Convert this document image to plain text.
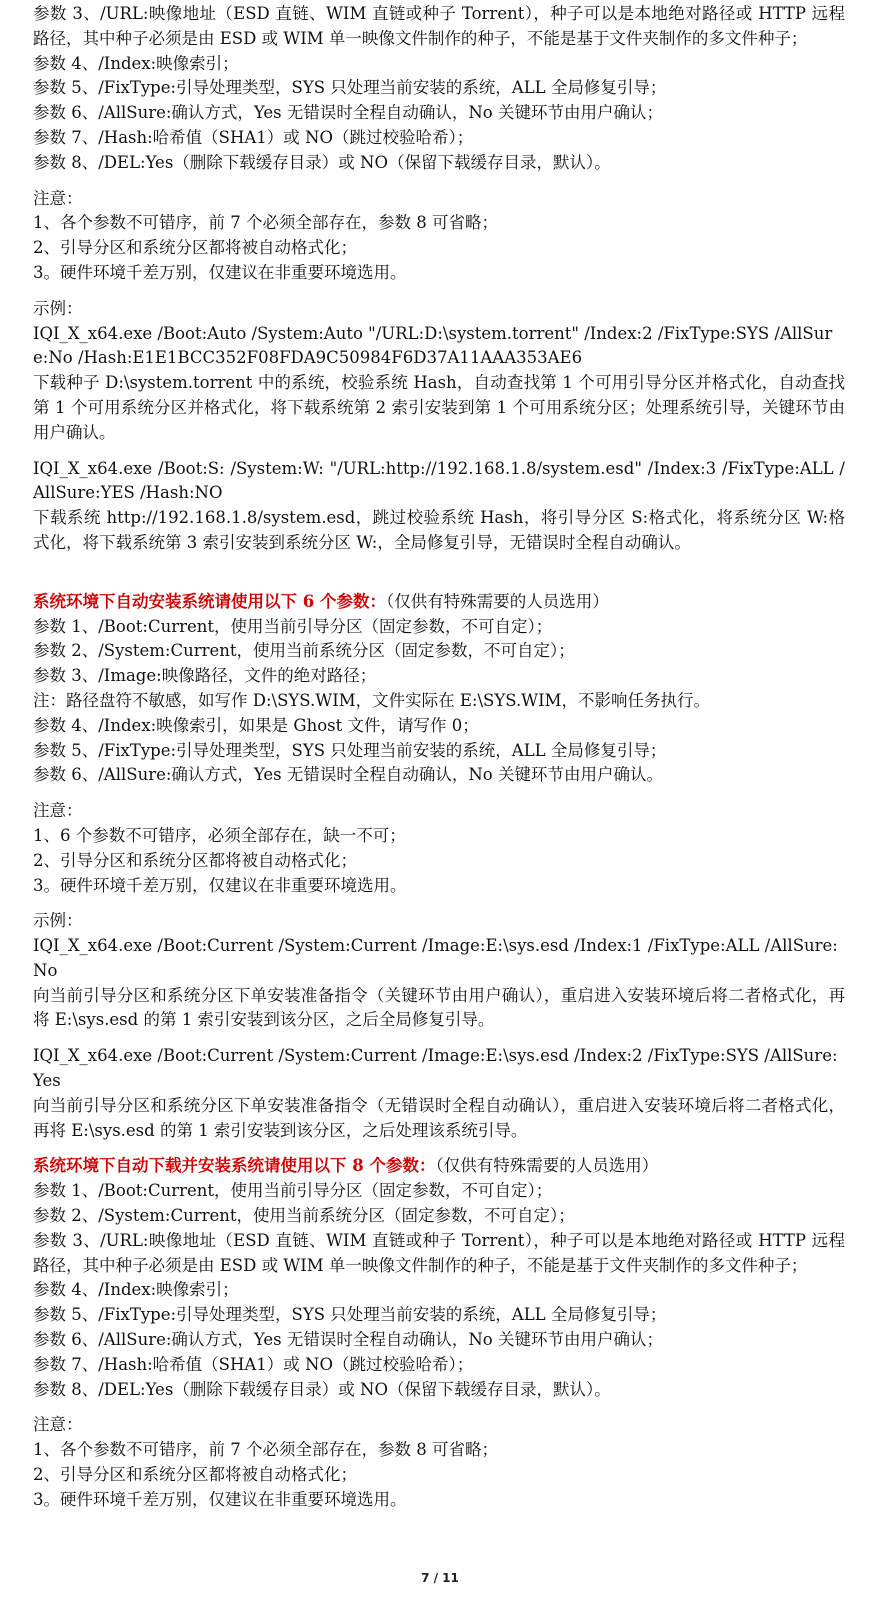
参数 3、/URL:映像地址（ESD 直链、WIM 直链或种子 Torrent），种子可以是本地绝对路径或 HTTP 远程路径，其中种子必须是由 ESD 或 WIM 单一映像文件制作的种子，不能是基于文件夹制作的多文件种子；
参数 4、/Index:映像索引；
参数 5、/FixType:引导处理类型，SYS 只处理当前安装的系统，ALL 全局修复引导；
参数 6、/AllSure:确认方式，Yes 无错误时全程自动确认，No 关键环节由用户确认；
参数 7、/Hash:哈希值（SHA1）或 NO（跳过校验哈希）；
参数 8、/DEL:Yes（删除下载缓存目录）或 NO（保留下载缓存目录，默认）。
注意：
1、各个参数不可错序，前 7 个必须全部存在，参数 8 可省略；
2、引导分区和系统分区都将被自动格式化；
3。硬件环境千差万别，仅建议在非重要环境选用。
示例：
IQI_X_x64.exe /Boot:Auto /System:Auto "/URL:D:\system.torrent" /Index:2 /FixType:SYS /AllSure:No /Hash:E1E1BCC352F08FDA9C50984F6D37A11AAA353AE6
下载种子 D:\system.torrent 中的系统，校验系统 Hash，自动查找第 1 个可用引导分区并格式化，自动查找第 1 个可用系统分区并格式化，将下载系统第 2 索引安装到第 1 个可用系统分区；处理系统引导，关键环节由用户确认。
IQI_X_x64.exe /Boot:S: /System:W: "/URL:http://192.168.1.8/system.esd" /Index:3 /FixType:ALL /AllSure:YES /Hash:NO
下载系统 http://192.168.1.8/system.esd，跳过校验系统 Hash，将引导分区 S:格式化，将系统分区 W:格式化，将下载系统第 3 索引安装到系统分区 W:，全局修复引导，无错误时全程自动确认。
系统环境下自动安装系统请使用以下 6 个参数：（仅供有特殊需要的人员选用）
参数 1、/Boot:Current，使用当前引导分区（固定参数，不可自定）；
参数 2、/System:Current，使用当前系统分区（固定参数，不可自定）；
参数 3、/Image:映像路径，文件的绝对路径；
注：路径盘符不敏感，如写作 D:\SYS.WIM，文件实际在 E:\SYS.WIM，不影响任务执行。
参数 4、/Index:映像索引，如果是 Ghost 文件，请写作 0；
参数 5、/FixType:引导处理类型，SYS 只处理当前安装的系统，ALL 全局修复引导；
参数 6、/AllSure:确认方式，Yes 无错误时全程自动确认，No 关键环节由用户确认。
注意：
1、6 个参数不可错序，必须全部存在，缺一不可；
2、引导分区和系统分区都将被自动格式化；
3。硬件环境千差万别，仅建议在非重要环境选用。
示例：
IQI_X_x64.exe /Boot:Current /System:Current /Image:E:\sys.esd /Index:1 /FixType:ALL /AllSure:No
向当前引导分区和系统分区下单安装准备指令（关键环节由用户确认），重启进入安装环境后将二者格式化，再将 E:\sys.esd 的第 1 索引安装到该分区，之后全局修复引导。
IQI_X_x64.exe /Boot:Current /System:Current /Image:E:\sys.esd /Index:2 /FixType:SYS /AllSure:Yes
向当前引导分区和系统分区下单安装准备指令（无错误时全程自动确认），重启进入安装环境后将二者格式化，再将 E:\sys.esd 的第 1 索引安装到该分区，之后处理该系统引导。
系统环境下自动下载并安装系统请使用以下 8 个参数：（仅供有特殊需要的人员选用）
参数 1、/Boot:Current，使用当前引导分区（固定参数，不可自定）；
参数 2、/System:Current，使用当前系统分区（固定参数，不可自定）；
参数 3、/URL:映像地址（ESD 直链、WIM 直链或种子 Torrent），种子可以是本地绝对路径或 HTTP 远程路径，其中种子必须是由 ESD 或 WIM 单一映像文件制作的种子，不能是基于文件夹制作的多文件种子；
参数 4、/Index:映像索引；
参数 5、/FixType:引导处理类型，SYS 只处理当前安装的系统，ALL 全局修复引导；
参数 6、/AllSure:确认方式，Yes 无错误时全程自动确认，No 关键环节由用户确认；
参数 7、/Hash:哈希值（SHA1）或 NO（跳过校验哈希）；
参数 8、/DEL:Yes（删除下载缓存目录）或 NO（保留下载缓存目录，默认）。
注意：
1、各个参数不可错序，前 7 个必须全部存在，参数 8 可省略；
2、引导分区和系统分区都将被自动格式化；
3。硬件环境千差万别，仅建议在非重要环境选用。
7 / 11
